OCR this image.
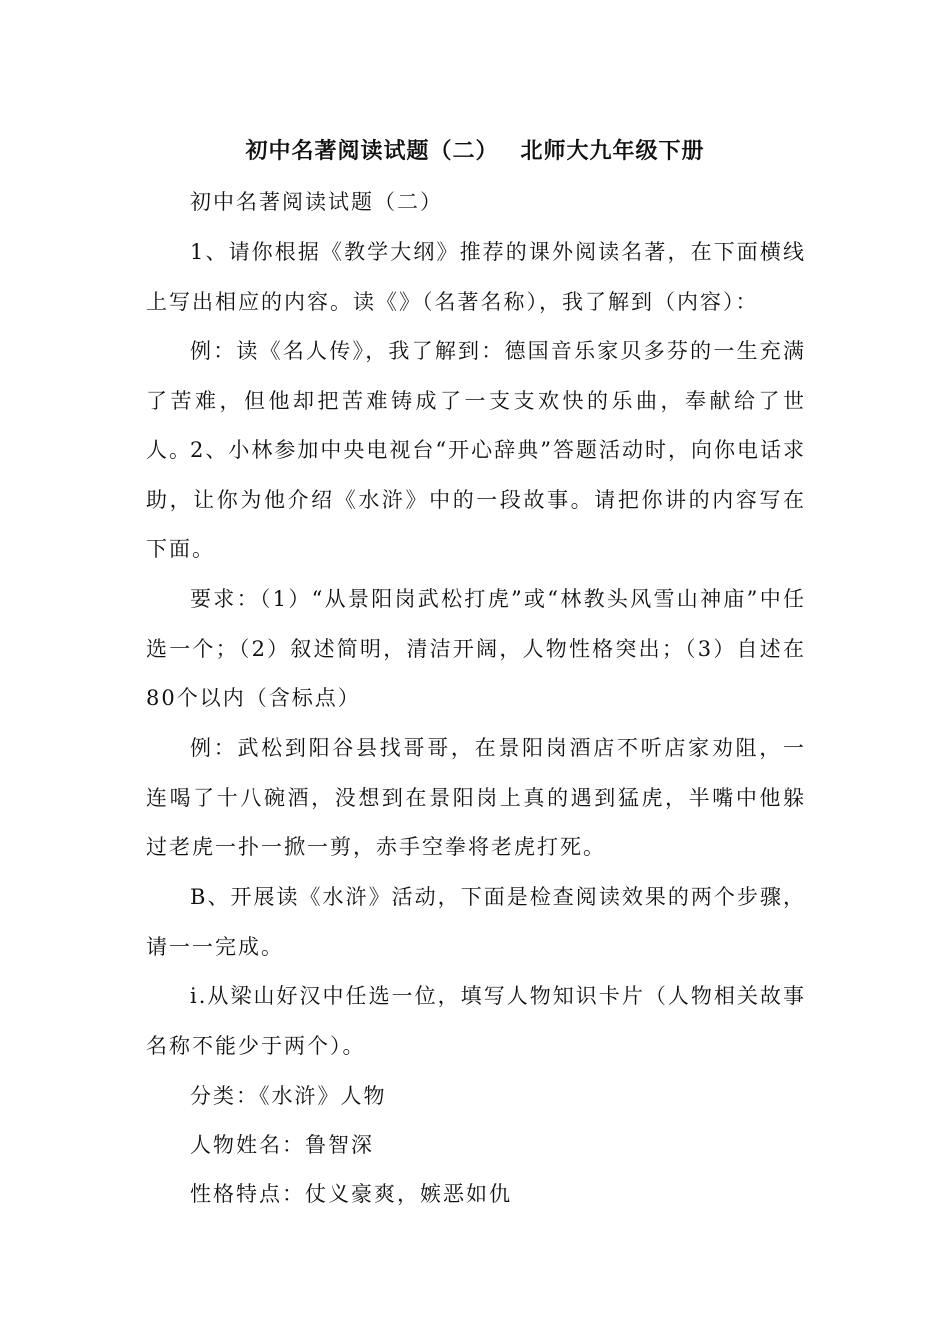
初中名著阅读试题（二） 北师大九年级下册

初中名著阅读试题（二）

1、请你根据《教学大纲》推荐的课外阅读名著，在下面横线上写出相应的内容。读《》（名著名称），我了解到（内容）：

例：读《名人传》，我了解到：德国音乐家贝多芬的一生充满了苦难，但他却把苦难铸成了一支支欢快的乐曲，奉献给了世人。

2、小林参加中央电视台“开心辞典”答题活动时，向你电话求助，让你为他介绍《水浒》中的一段故事。请把你讲的内容写在下面。

要求：（1）“从景阳岗武松打虎”或“林教头风雪山神庙”中任选一个；（2）叙述简明，清洁开阔，人物性格突出；（3）自述在80个以内（含标点）

例：武松到阳谷县找哥哥，在景阳岗酒店不听店家劝阻，一连喝了十八碗酒，没想到在景阳岗上真的遇到猛虎，半嘴中他躲过老虎一扑一掀一剪，赤手空拳将老虎打死。

B、开展读《水浒》活动，下面是检查阅读效果的两个步骤，请一一完成。

i.从梁山好汉中任选一位，填写人物知识卡片（人物相关故事名称不能少于两个）。

分类：《水浒》人物

人物姓名：鲁智深

性格特点：仗义豪爽，嫉恶如仇
